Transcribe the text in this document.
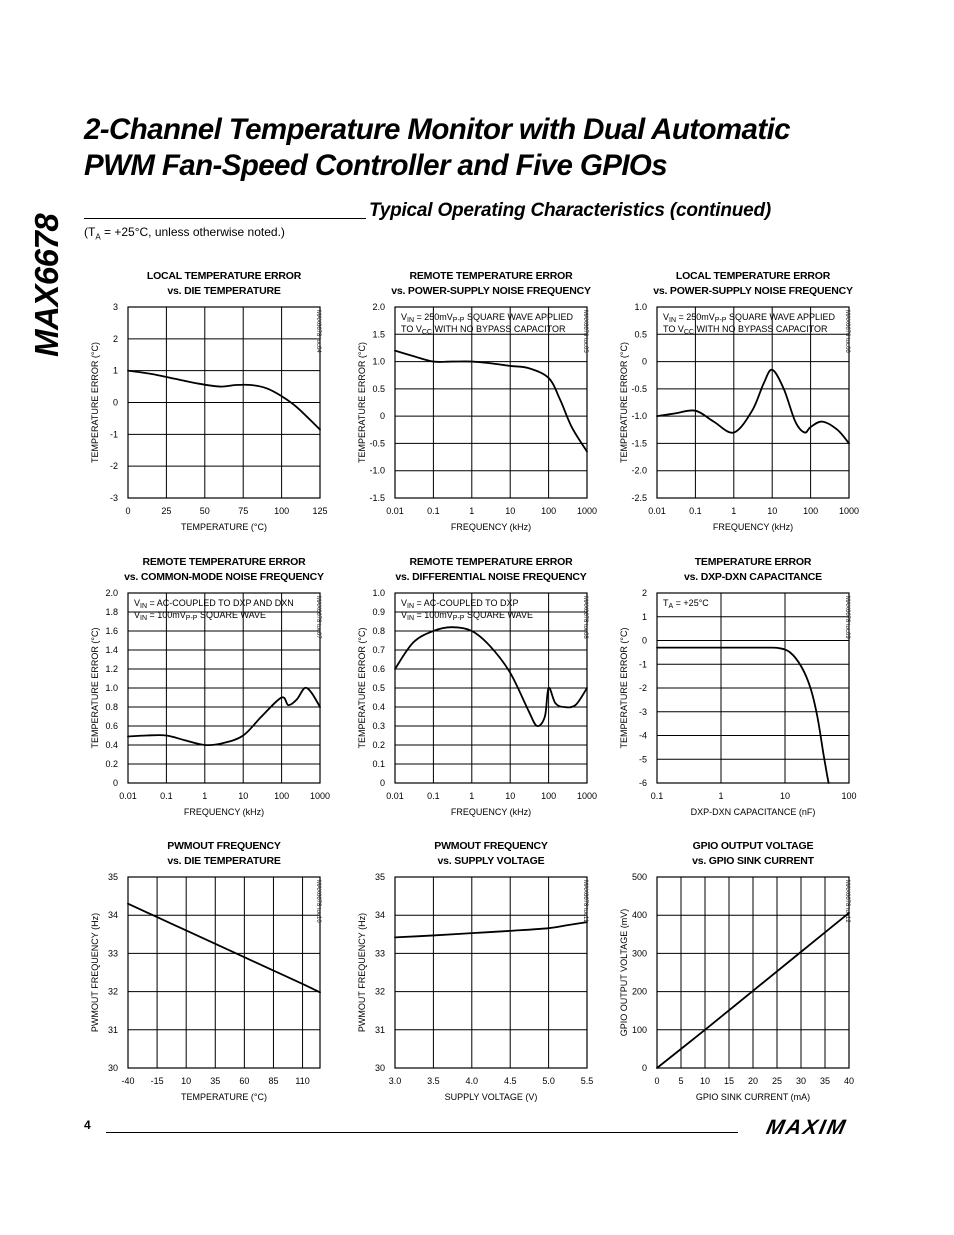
MAX6678
2-Channel Temperature Monitor with Dual Automatic
PWM Fan-Speed Controller and Five GPIOs
Typical Operating Characteristics (continued)
($T_A = +25^\circ C$, unless otherwise noted.)
LOCAL TEMPERATURE ERROR
vs. DIE TEMPERATURE
0	25	50	75	100	125
3
2
1
0
-1
-2
-3
TEMPERATURE (°C)
TEMPERATURE ERROR (°C)
MAX6678 toc04
REMOTE TEMPERATURE ERROR
vs. POWER-SUPPLY NOISE FREQUENCY
0.01	0.1	1	10	100 1000
2.0
1.5
1.0
0.5
0
-0.5
-1.0
-1.5
FREQUENCY (kHz)
TEMPERATURE ERROR (°C)
MAX6678 toc05
$V_{IN} = 250mV_{P-P}$ SQUARE WAVE APPLIED
TO $V_{CC}$ WITH NO BYPASS CAPACITOR
LOCAL TEMPERATURE ERROR
vs. POWER-SUPPLY NOISE FREQUENCY
0.01	0.1	1	10	100 1000
1.0
0.5
0
-0.5
-1.0
-1.5
-2.0
-2.5
FREQUENCY (kHz)
TEMPERATURE ERROR (°C)
MAX6678 toc06
$V_{IN} = 250mV_{P-P}$ SQUARE WAVE APPLIED
TO $V_{CC}$ WITH NO BYPASS CAPACITOR
REMOTE TEMPERATURE ERROR
vs. COMMON-MODE NOISE FREQUENCY
0.01	0.1	1	10	100 1000
2.0
1.8
1.6
1.4
1.2
1.0
0.8
0.6
0.4
0.2
0
FREQUENCY (kHz)
TEMPERATURE ERROR (°C)
MAX6678 toc07
$V_{IN}$ = AC-COUPLED TO DXP AND DXN
$V_{IN} = 100mV_{P-P}$ SQUARE WAVE
REMOTE TEMPERATURE ERROR
vs. DIFFERENTIAL NOISE FREQUENCY
0.01	0.1	1	10	100 1000
1.0
0.9
0.8
0.7
0.6
0.5
0.4
0.3
0.2
0.1
0
FREQUENCY (kHz)
TEMPERATURE ERROR (°C)
MAX6678 toc08
$V_{IN}$ = AC-COUPLED TO DXP
$V_{IN} = 100mV_{P-P}$ SQUARE WAVE
TEMPERATURE ERROR
vs. DXP-DXN CAPACITANCE
0.1	1	10	100
2
1
0
-1
-2
-3
-4
-5
-6
DXP-DXN CAPACITANCE (nF)
TEMPERATURE ERROR (°C)
MAX6678 toc09
$T_A = +25^\circ C$
PWMOUT FREQUENCY
vs. DIE TEMPERATURE
-40 -15 10 35 60 85 110
35
34
33
32
31
30
TEMPERATURE (°C)
PWMOUT FREQUENCY (Hz)
MAX6678 toc10
PWMOUT FREQUENCY
vs. SUPPLY VOLTAGE
3.0	3.5	4.0	4.5	5.0	5.5
35
34
33
32
31
30
SUPPLY VOLTAGE (V)
PWMOUT FREQUENCY (Hz)
MAX6678 toc11
GPIO OUTPUT VOLTAGE
vs. GPIO SINK CURRENT
0 5 10 15 20 25 30 35 40
500
400
300
200
100
0
GPIO SINK CURRENT (mA)
GPIO OUTPUT VOLTAGE (mV)
MAX6678 toc12
4	MAXIM
